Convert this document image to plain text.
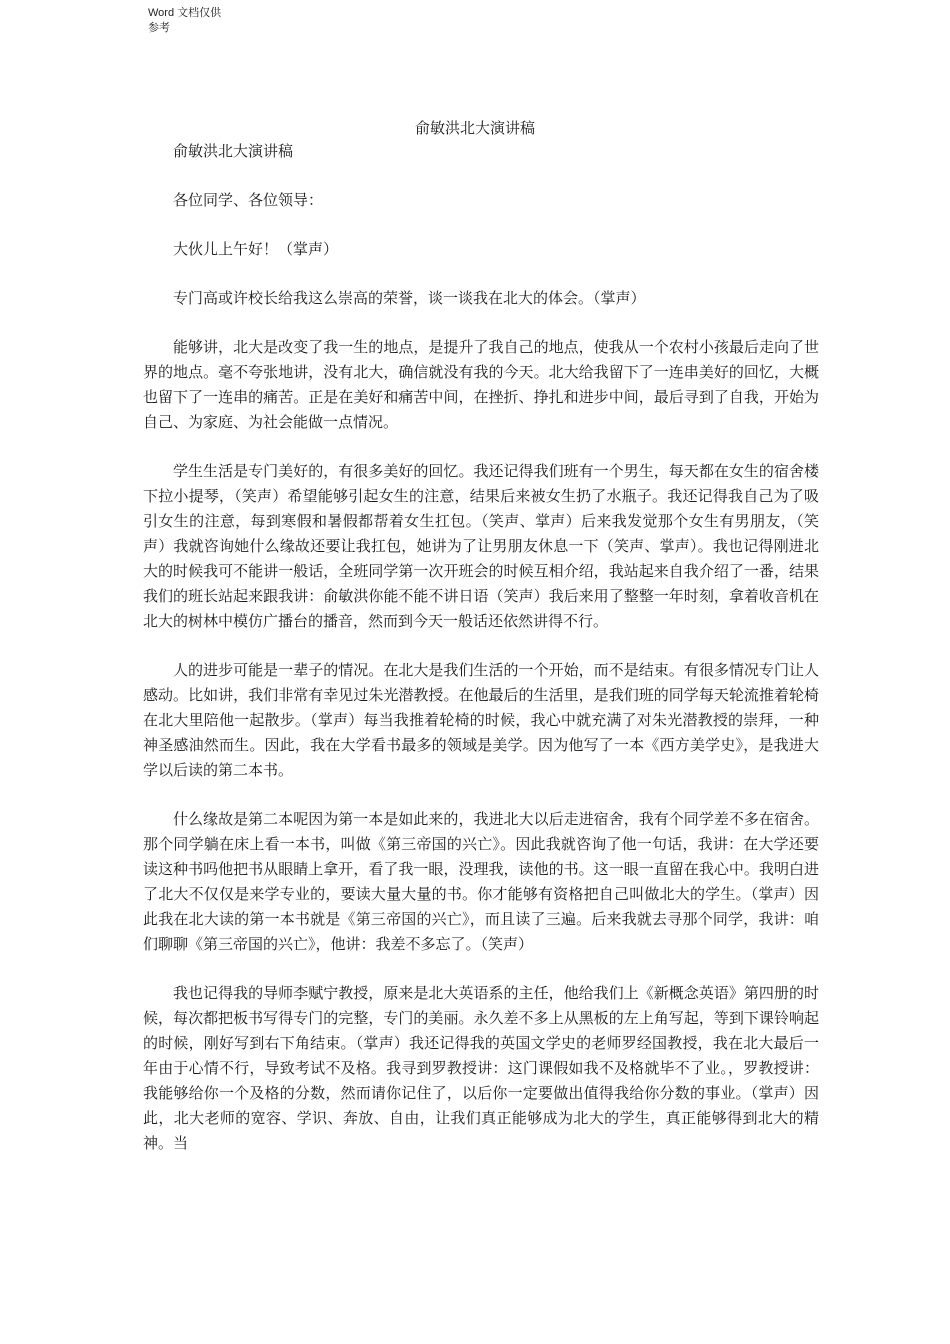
Word 文档仅供参考
俞敏洪北大演讲稿

俞敏洪北大演讲稿

各位同学、各位领导：

大伙儿上午好！（掌声）

专门高或许校长给我这么崇高的荣誉，谈一谈我在北大的体会。（掌声）

能够讲，北大是改变了我一生的地点，是提升了我自己的地点，使我从一个农村小孩最后走向了世界的地点。毫不夸张地讲，没有北大，确信就没有我的今天。北大给我留下了一连串美好的回忆，大概也留下了一连串的痛苦。正是在美好和痛苦中间，在挫折、挣扎和进步中间，最后寻到了自我，开始为自己、为家庭、为社会能做一点情况。

学生生活是专门美好的，有很多美好的回忆。我还记得我们班有一个男生，每天都在女生的宿舍楼下拉小提琴，（笑声）希望能够引起女生的注意，结果后来被女生扔了水瓶子。我还记得我自己为了吸引女生的注意，每到寒假和暑假都帮着女生扛包。（笑声、掌声）后来我发觉那个女生有男朋友，（笑声）我就咨询她什么缘故还要让我扛包，她讲为了让男朋友休息一下（笑声、掌声）。我也记得刚进北大的时候我可不能讲一般话，全班同学第一次开班会的时候互相介绍，我站起来自我介绍了一番，结果我们的班长站起来跟我讲：俞敏洪你能不能不讲日语（笑声）我后来用了整整一年时刻，拿着收音机在北大的树林中模仿广播台的播音，然而到今天一般话还依然讲得不行。

人的进步可能是一辈子的情况。在北大是我们生活的一个开始，而不是结束。有很多情况专门让人感动。比如讲，我们非常有幸见过朱光潜教授。在他最后的生活里，是我们班的同学每天轮流推着轮椅在北大里陪他一起散步。（掌声）每当我推着轮椅的时候，我心中就充满了对朱光潜教授的崇拜，一种神圣感油然而生。因此，我在大学看书最多的领域是美学。因为他写了一本《西方美学史》，是我进大学以后读的第二本书。

什么缘故是第二本呢因为第一本是如此来的，我进北大以后走进宿舍，我有个同学差不多在宿舍。那个同学躺在床上看一本书，叫做《第三帝国的兴亡》。因此我就咨询了他一句话，我讲：在大学还要读这种书吗他把书从眼睛上拿开，看了我一眼，没理我，读他的书。这一眼一直留在我心中。我明白进了北大不仅仅是来学专业的，要读大量大量的书。你才能够有资格把自己叫做北大的学生。（掌声）因此我在北大读的第一本书就是《第三帝国的兴亡》，而且读了三遍。后来我就去寻那个同学，我讲：咱们聊聊《第三帝国的兴亡》，他讲：我差不多忘了。（笑声）

我也记得我的导师李赋宁教授，原来是北大英语系的主任，他给我们上《新概念英语》第四册的时候，每次都把板书写得专门的完整，专门的美丽。永久差不多上从黑板的左上角写起，等到下课铃响起的时候，刚好写到右下角结束。（掌声）我还记得我的英国文学史的老师罗经国教授，我在北大最后一年由于心情不行，导致考试不及格。我寻到罗教授讲：这门课假如我不及格就毕不了业。，罗教授讲：我能够给你一个及格的分数，然而请你记住了，以后你一定要做出值得我给你分数的事业。（掌声）因此，北大老师的宽容、学识、奔放、自由，让我们真正能够成为北大的学生，真正能够得到北大的精神。当
